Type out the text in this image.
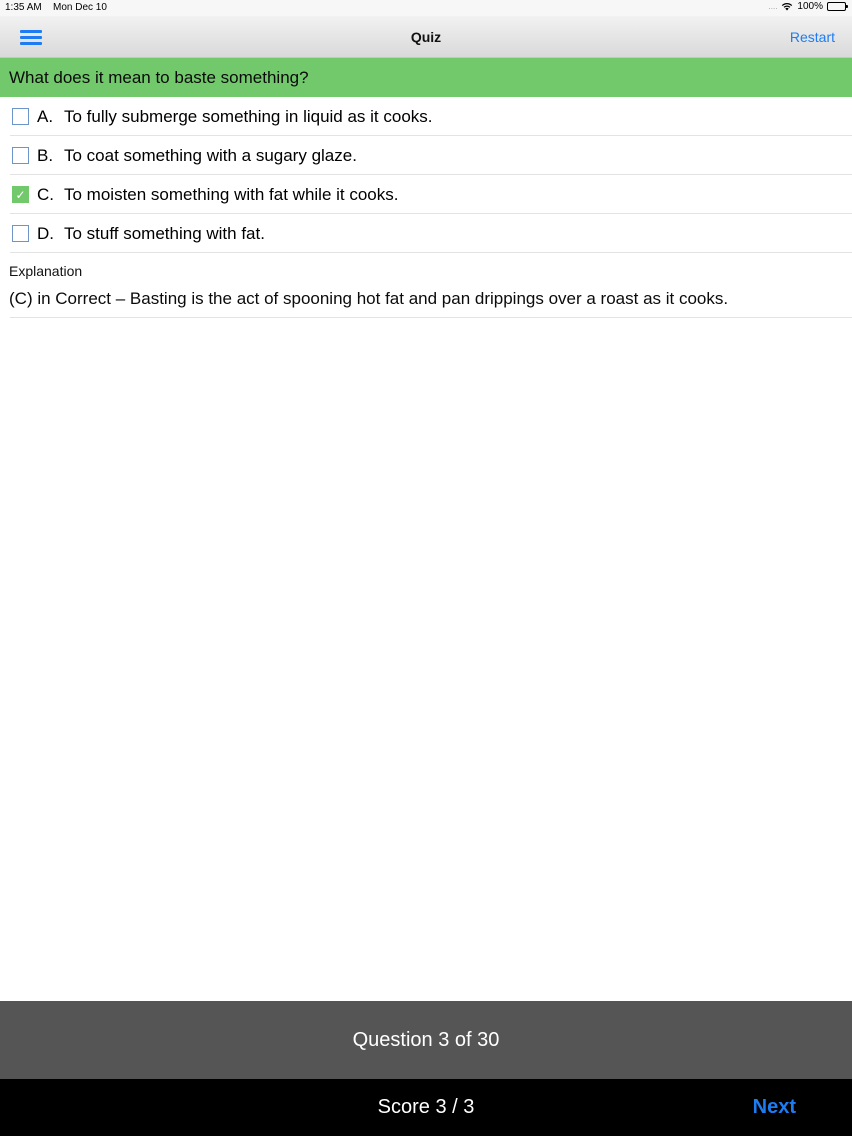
1:35 AM Mon Dec 10	.... 100%
Quiz	Restart
What does it mean to baste something?
A. To fully submerge something in liquid as it cooks.
B. To coat something with a sugary glaze.
✓ C. To moisten something with fat while it cooks.
D. To stuff something with fat.
Explanation
(C) in Correct – Basting is the act of spooning hot fat and pan drippings over a roast as it cooks.
Question 3 of 30
Score 3 / 3	Next
